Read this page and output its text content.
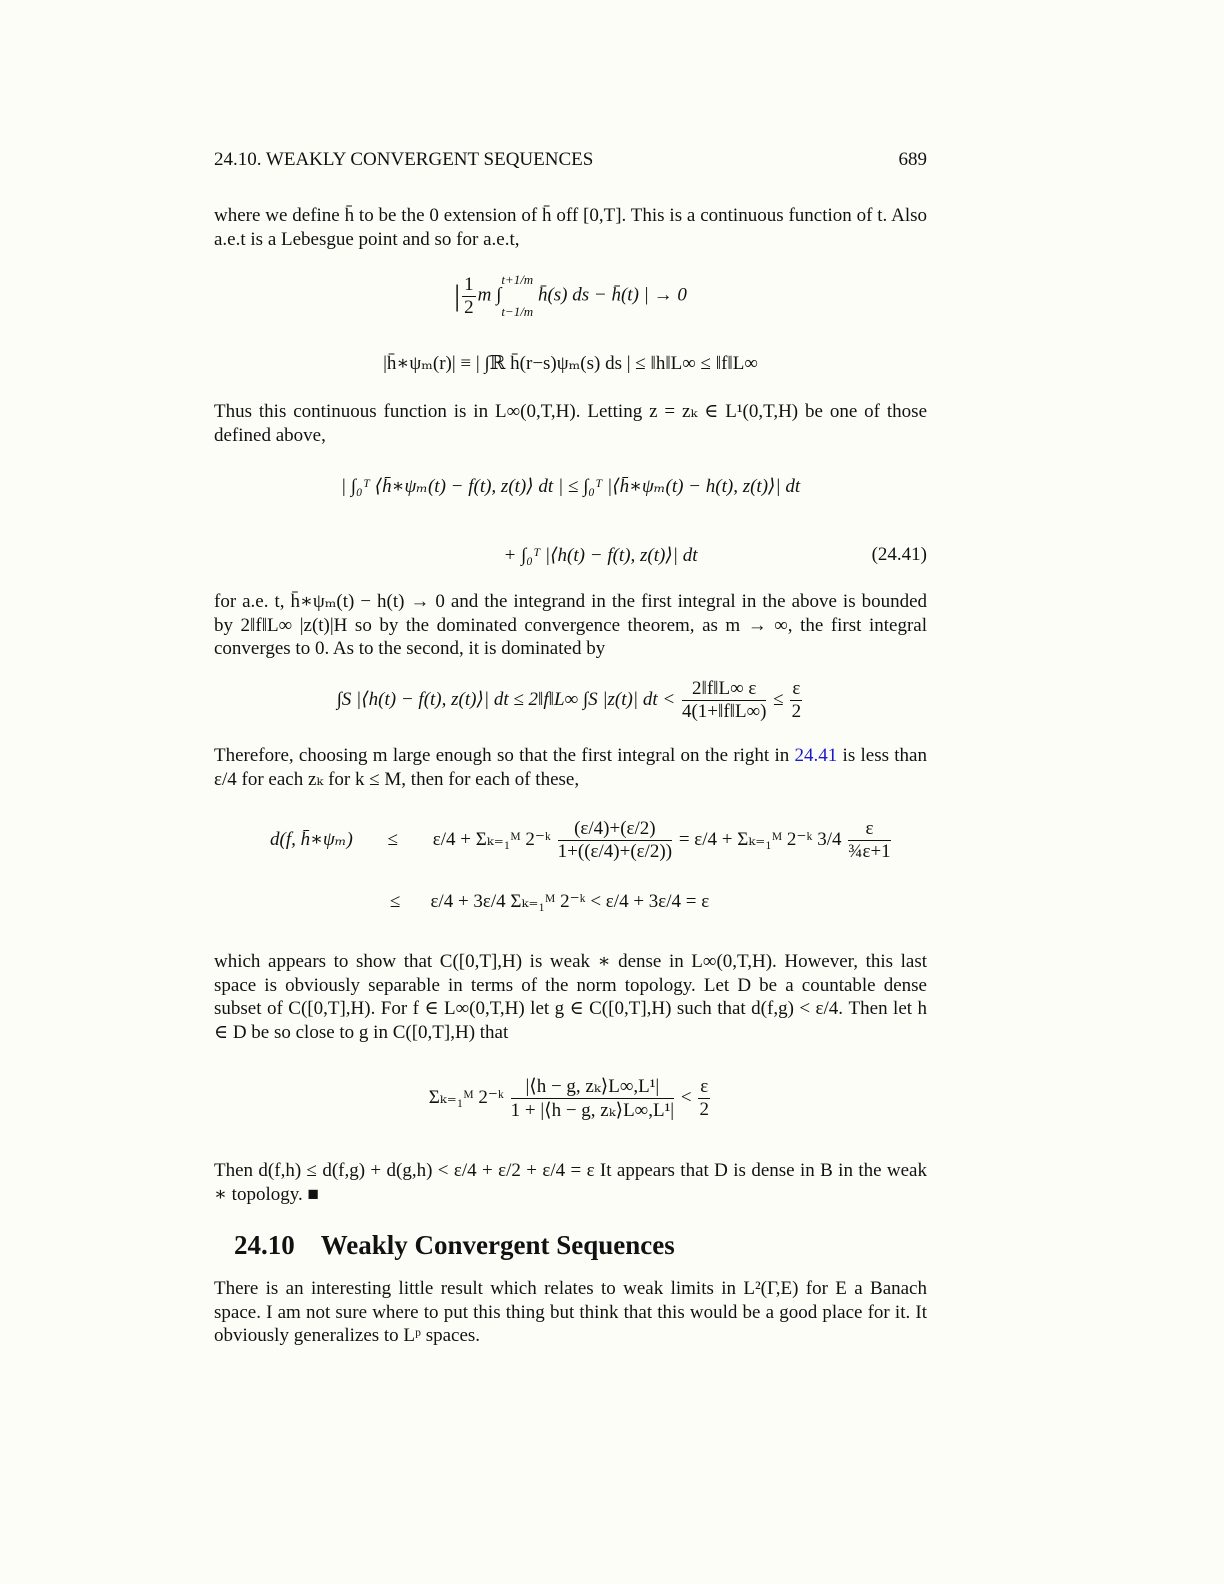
24.10. WEAKLY CONVERGENT SEQUENCES	689
where we define h̄ to be the 0 extension of h̄ off [0,T]. This is a continuous function of t. Also a.e.t is a Lebesgue point and so for a.e.t,
| $\frac{1}{2}$ m ∫
t+1/m

t−1/m
h̄(s) ds − h̄(t) | → 0
|h̄∗ψₘ(r)| ≡ | ∫ℝ h̄(r−s)ψₘ(s) ds | ≤ ‖h‖L∞ ≤ ‖f‖L∞
Thus this continuous function is in L∞(0,T,H). Letting z = zₖ ∈ L¹(0,T,H) be one of those defined above,
| ∫₀ᵀ ⟨h̄∗ψₘ(t) − f(t), z(t)⟩ dt | ≤ ∫₀ᵀ |⟨h̄∗ψₘ(t) − h(t), z(t)⟩| dt
+ ∫₀ᵀ |⟨h(t) − f(t), z(t)⟩| dt	(24.41)
for a.e. t, h̄∗ψₘ(t) − h(t) → 0 and the integrand in the first integral in the above is bounded by 2‖f‖L∞ |z(t)|H so by the dominated convergence theorem, as m → ∞, the first integral converges to 0. As to the second, it is dominated by
∫S |⟨h(t) − f(t), z(t)⟩| dt ≤ 2‖f‖L∞ ∫S |z(t)| dt < $\frac{2‖f‖L\infty \varepsilon}{4(1+‖f‖L\infty)} \le \frac{\varepsilon}{2}$
Therefore, choosing m large enough so that the first integral on the right in 24.41 is less than ε/4 for each zₖ for k ≤ M, then for each of these,
d(f, h̄∗ψₘ) ≤ ε/4 + Σₖ₌₁ᴹ 2⁻ᵏ $\frac{(\varepsilon/4)+(\varepsilon/2)}{1+((\varepsilon/4)+(\varepsilon/2))} = \varepsilon/4$ + Σₖ₌₁ᴹ 2⁻ᵏ $3/4 \frac{\varepsilon}{\text{¾ε+1}}$
≤ ε/4 + 3ε/4 Σₖ₌₁ᴹ 2⁻ᵏ < ε/4 + 3ε/4 = ε
which appears to show that C([0,T],H) is weak ∗ dense in L∞(0,T,H). However, this last space is obviously separable in terms of the norm topology. Let D be a countable dense subset of C([0,T],H). For f ∈ L∞(0,T,H) let g ∈ C([0,T],H) such that d(f,g) < ε/4. Then let h ∈ D be so close to g in C([0,T],H) that
Σₖ₌₁ᴹ 2⁻ᵏ $\frac{\text{|⟨h − g, zₖ⟩L∞,L¹|}}{\text{1 + |⟨h − g, zₖ⟩L∞,L¹|}} < \frac{\varepsilon}{2}$
Then d(f,h) ≤ d(f,g) + d(g,h) < ε/4 + ε/2 + ε/4 = ε It appears that D is dense in B in the weak ∗ topology. ■
24.10 Weakly Convergent Sequences
There is an interesting little result which relates to weak limits in L²(Γ,E) for E a Banach space. I am not sure where to put this thing but think that this would be a good place for it. It obviously generalizes to Lᵖ spaces.
